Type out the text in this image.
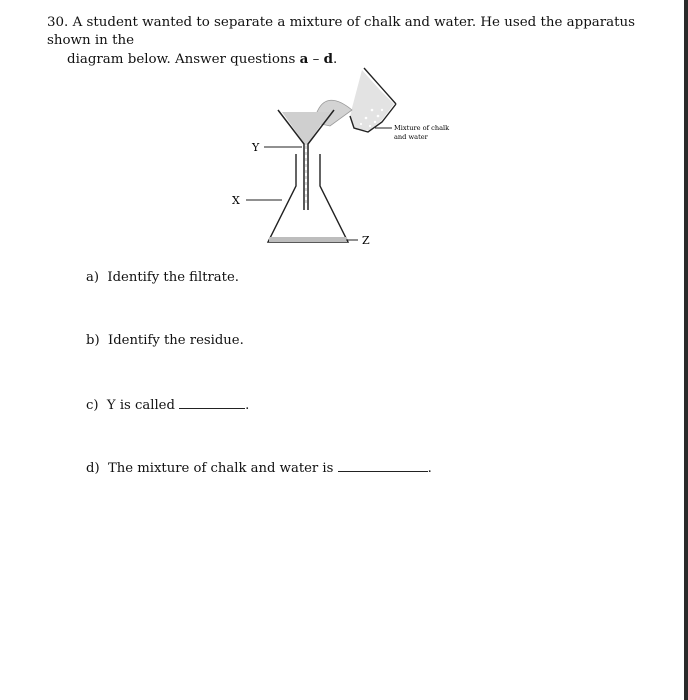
30. A student wanted to separate a mixture of chalk and water. He used the apparatus shown in the
diagram below. Answer questions a – d.
Y
X
Z
Mixture of chalk
and water
a) Identify the filtrate.
b) Identify the residue.
c) Y is called	.
d) The mixture of chalk and water is	.
